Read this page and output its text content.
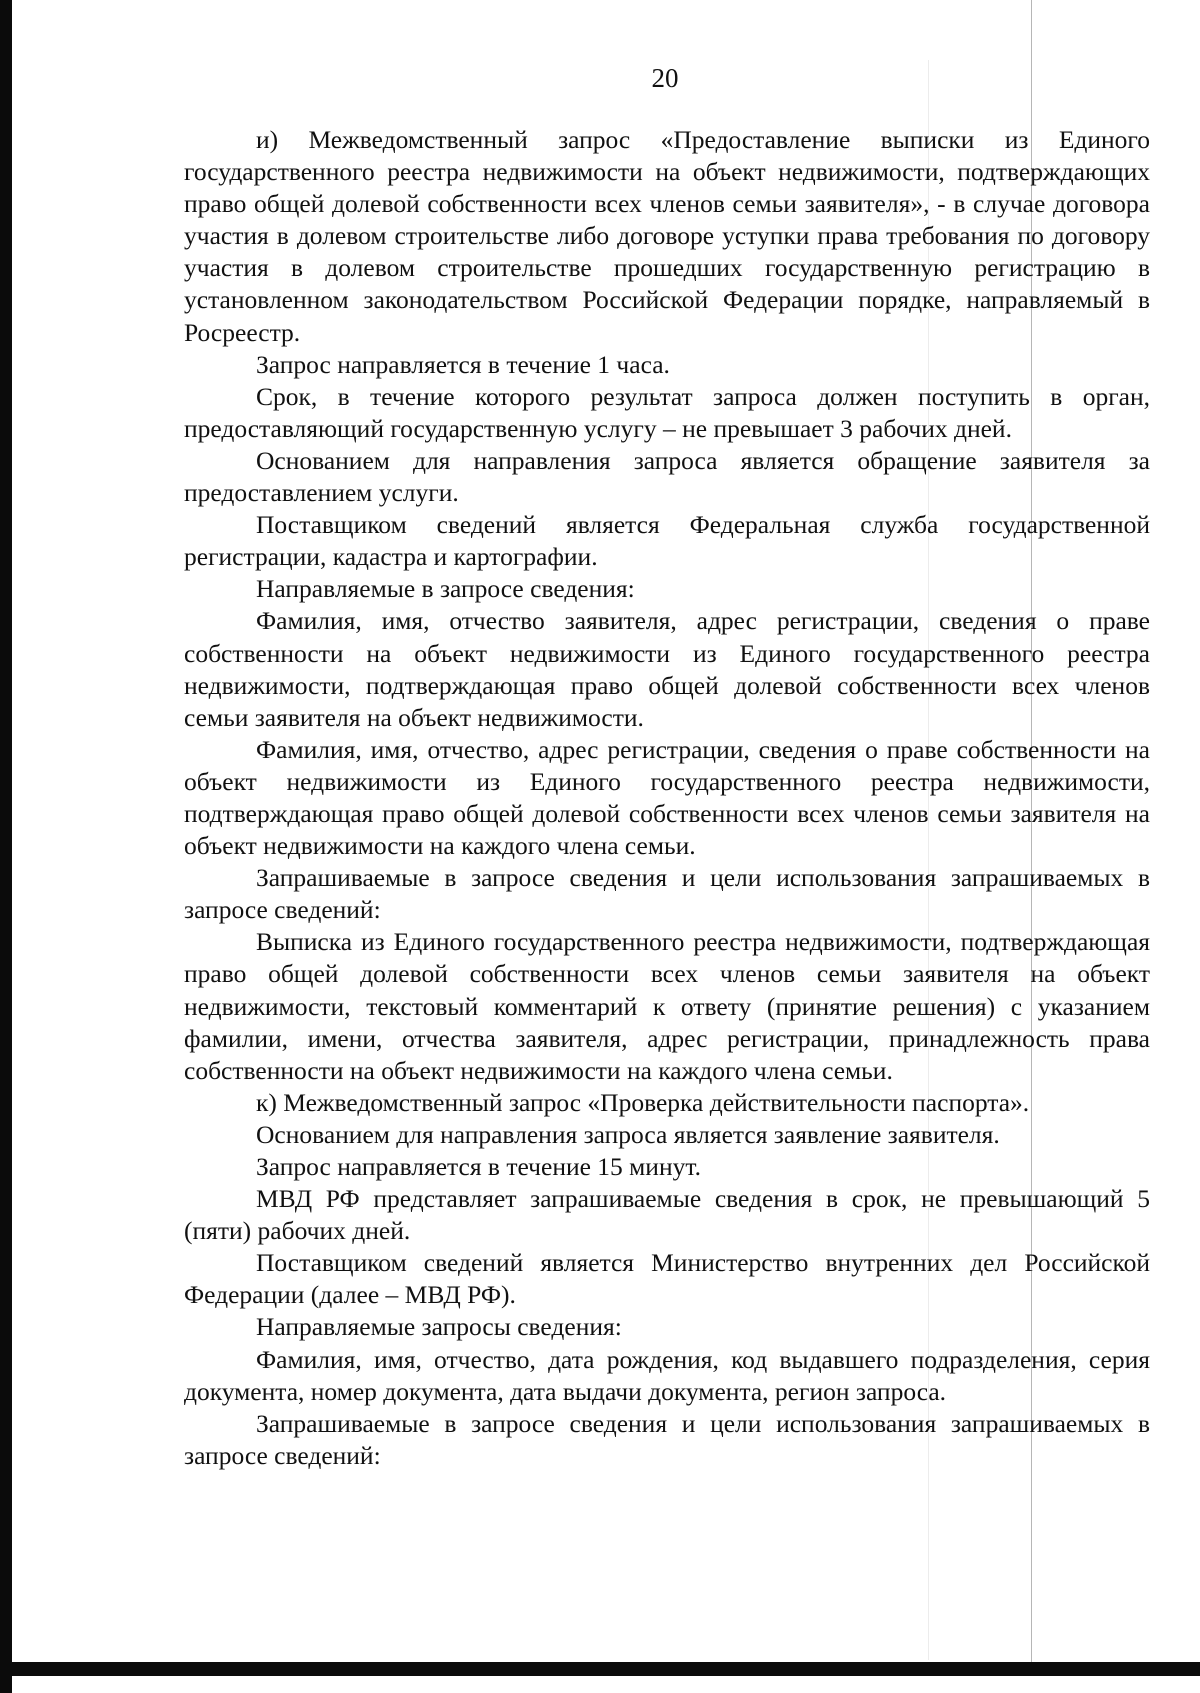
20

и) Межведомственный запрос «Предоставление выписки из Единого государственного реестра недвижимости на объект недвижимости, подтверждающих право общей долевой собственности всех членов семьи заявителя», - в случае договора участия в долевом строительстве либо договоре уступки права требования по договору участия в долевом строительстве прошедших государственную регистрацию в установленном законодательством Российской Федерации порядке, направляемый в Росреестр.

Запрос направляется в течение 1 часа.

Срок, в течение которого результат запроса должен поступить в орган, предоставляющий государственную услугу – не превышает 3 рабочих дней.

Основанием для направления запроса является обращение заявителя за предоставлением услуги.

Поставщиком сведений является Федеральная служба государственной регистрации, кадастра и картографии.

Направляемые в запросе сведения:

Фамилия, имя, отчество заявителя, адрес регистрации, сведения о праве собственности на объект недвижимости из Единого государственного реестра недвижимости, подтверждающая право общей долевой собственности всех членов семьи заявителя на объект недвижимости.

Фамилия, имя, отчество, адрес регистрации, сведения о праве собственности на объект недвижимости из Единого государственного реестра недвижимости, подтверждающая право общей долевой собственности всех членов семьи заявителя на объект недвижимости на каждого члена семьи.

Запрашиваемые в запросе сведения и цели использования запрашиваемых в запросе сведений:

Выписка из Единого государственного реестра недвижимости, подтверждающая право общей долевой собственности всех членов семьи заявителя на объект недвижимости, текстовый комментарий к ответу (принятие решения) с указанием фамилии, имени, отчества заявителя, адрес регистрации, принадлежность права собственности на объект недвижимости на каждого члена семьи.

к) Межведомственный запрос «Проверка действительности паспорта».

Основанием для направления запроса является заявление заявителя.

Запрос направляется в течение 15 минут.

МВД РФ представляет запрашиваемые сведения в срок, не превышающий 5 (пяти) рабочих дней.

Поставщиком сведений является Министерство внутренних дел Российской Федерации (далее – МВД РФ).

Направляемые запросы сведения:

Фамилия, имя, отчество, дата рождения, код выдавшего подразделения, серия документа, номер документа, дата выдачи документа, регион запроса.

Запрашиваемые в запросе сведения и цели использования запрашиваемых в запросе сведений:
